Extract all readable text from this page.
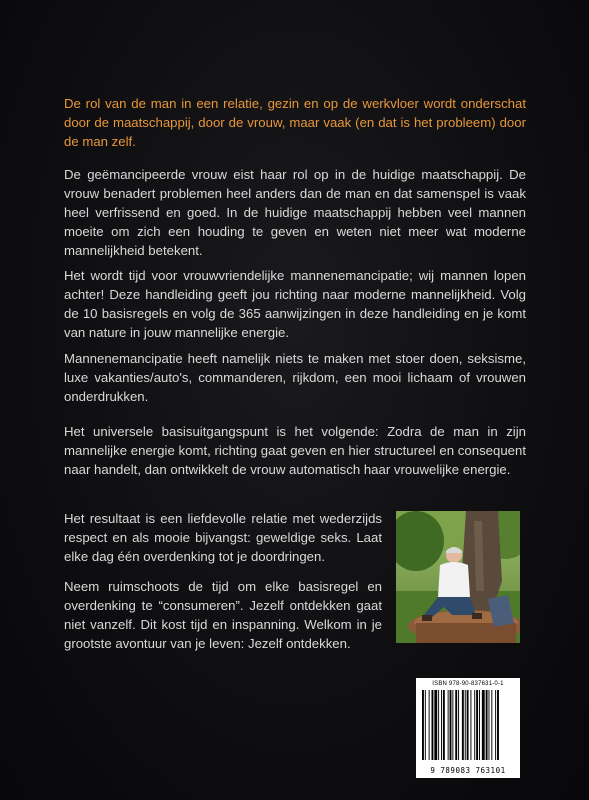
De rol van de man in een relatie, gezin en op de werkvloer wordt onderschat door de maatschappij, door de vrouw, maar vaak (en dat is het probleem) door de man zelf.

De geëmancipeerde vrouw eist haar rol op in de huidige maatschappij. De vrouw benadert problemen heel anders dan de man en dat samenspel is vaak heel verfrissend en goed. In de huidige maatschappij hebben veel mannen moeite om zich een houding te geven en weten niet meer wat moderne mannelijkheid betekent.

Het wordt tijd voor vrouwvriendelijke mannenemancipatie; wij mannen lopen achter! Deze handleiding geeft jou richting naar moderne mannelijkheid. Volg de 10 basisregels en volg de 365 aanwijzingen in deze handleiding en je komt van nature in jouw mannelijke energie.

Mannenemancipatie heeft namelijk niets te maken met stoer doen, seksisme, luxe vakanties/auto's, commanderen, rijkdom, een mooi lichaam of vrouwen onderdrukken.

Het universele basisuitgangspunt is het volgende: Zodra de man in zijn mannelijke energie komt, richting gaat geven en hier structureel en consequent naar handelt, dan ontwikkelt de vrouw automatisch haar vrouwelijke energie.

Het resultaat is een liefdevolle relatie met wederzijds respect en als mooie bijvangst: geweldige seks. Laat elke dag één overdenking tot je doordringen.

Neem ruimschoots de tijd om elke basisregel en overdenking te “consumeren”. Jezelf ontdekken gaat niet vanzelf. Dit kost tijd en inspanning. Welkom in je grootste avontuur van je leven: Jezelf ontdekken.

ISBN 978-90-837631-0-1
9 789083 763101
